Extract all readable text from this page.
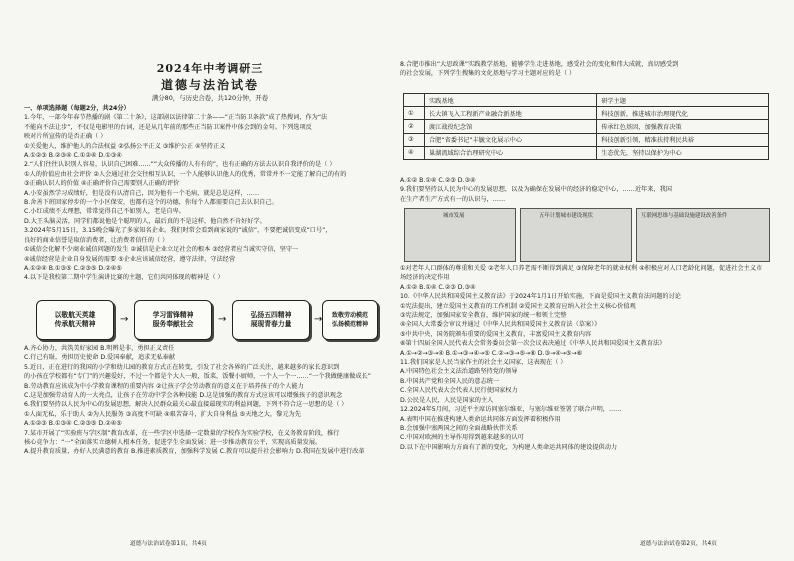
2024年中考调研三
道德与法治试卷
满分80，与历史合卷，共120分钟，开卷

一、单项选择题（每题2分，共24分）

1.今年，一部今年春节热播的剧《第二十条》，这部剧以法律第二十条——“正当防卫条款”成了热搜词，作为“法

不能向不法让步”，不仅是电影里的台词，还是从几年前的那些正当防卫案件中体会到的金句。下列选项反

映对片所宣传的是否正确（ ）

①关爱他人，维护他人的合法权益 ②弘扬公平正义 ③维护公正 ④坚持正义

A.①②③ B.②③④ C.①②④ D.①③④

2.“人们往往认识别人容易，认识自己困难……”“大众传播的人有有的”，也有正确的方法去认识自我评价的是（ ）

①人的价值应由社会评价 ②人会通过社会交往相互认识，一个人能够认识他人的优秀，常常并不一定能了解自己的有的

③正确认识人的价值 ④正确评价自己需要别人正确的评价

A.小安虽然学习成绩好，但是没有认清自己，因为他有一个毛病，就是总是这样，……

B.舍善下班回家停步的一个小区保安，也都有这个的功德，你每个人都需要自己去认识自己。

C.小红成绩不太理想，常常觉得自己不如别人，老是自卑。

D.大王头脑灵活，同学们都说他是个聪明的人，最后真的不是这样，他自然不肯好好学。

3.2024年5月15日，3.15晚会曝光了多家知名企业。我们时常会看到商家说的“诚信”，不要把诚信变成“口号”，

良好的商业信誉是取信消费者，让消费者信任的（ ）

①诚信会化解不少商业诚信问题的发生 ②诚信是企业立足社会的根本 ③经营者应当诚实守信，坚守一

④诚信经营是企业自身发展的需要 ⑤企业应该诚信经营，遵守法律，守法经营

A.①②④ B.①③⑤ C.②③⑤ D.②④⑤

4.以下是我校第二期中学生演讲比赛的主题，它们共同体现的精神是（ ）

以敬航天英雄
传承航天精神	→	学习雷锋精神
服务奉献社会	→	弘扬五四精神
展现青春力量	→	致敬劳动模范
弘扬模范精神

A.齐心协力，共筑美好家园 B.明辨是非，勇担正义责任

C.行己有耻，勇担历史使命 D.爱国奉献，追求无私奉献

5.近日，正在进行的我国的小学和幼儿园的教育方式正在转变，引发了社会各界的广泛关注，越来越多的家长意识到

的小孩在学校都有“专门”的兴趣爱好，不过一个都是个大人一般，饭菜，饭餐小厨师，一个人一个一……“一个我做健康做成长”

B.劳动教育应该成为中小学教育课程的重要内容 ②让孩子学会劳动教育的意义在于培养孩子的个人能力

C.这是加强劳动育人的一大亮点，让孩子在劳动中学会各种技能 D.这是加强的教育方式应该可以增强孩子的意识观念

6.我们要坚持以人民为中心的发展思想，解决人民群众最关心最直接最现实的利益问题，下列不符合这一思想的是（ ）

①人面无私，乐于助人 ②为人民服务 ③高度不可缺 ④艰苦奋斗，扩大自身利益 ⑤天地之大，黎元为先

A.①②③ B.①③④ C.②③⑤ D.②④⑤

7.某市开展了“实验班与学区制”教育改革，在一些学区中选择一定数量的学校作为实验学校，在义务教育阶段，推行

核心竞争力：“一”全面落实立德树人根本任务，促进学生全面发展；进一步推动教育公平，实现高质量发展。

A.提升教育质量，办好人民满意的教育 B.推进素质教育，加强科学发展 C.教育可以提升社会影响力 D.我国在发展中进行改革

道德与法治试卷第1页，共4页

8.合肥市推出“大思政课”实践教学基地，能够学生走进基地，感受社会的变化和伟大成就，真切感受到

的社会发展，下列学生搜集的文化基地与学习主题对应的是（ ）

	实践基地	研学主题
①	长大镇飞入工程新产业融合新基地	科技创新，推进城市治理现代化
②	渡江战役纪念馆	传承红色基因，加强教育决策
③	合肥“省委书记”丰毓文化展示中心	科技创新引领，精准扶持利民共裕
④	巢湖流域综合治理研究中心	生态优先，坚持以保护为中心

A.①② B.①④ C.②③ D.③④

9.我们要坚持以人民为中心的发展思想，以及为确保在发展中的经济的稳定中心，……近年来，我国

在生产者生产方式有一的认识与，……

城市发展	五年计划城市建设现状	互联网思维与基础设施建设改善条件

①对老年人口群体的尊重和关爱 ②老年人口养老需不断得到满足 ③保障老年的就业权利 ④积极应对人口老龄化问题，促进社会主义市

场经济的决定作用

A.①② B.①④ C.②③ D.③④

10.《中华人民共和国爱国主义教育法》于2024年1月1日开始实施，下面是爱国主义教育法问题的讨论

①宪法提出，建立爱国主义教育的工作机制 ②爱国主义教育应纳入社会主义核心价值观

③宪法规定，加强国家安全教育，维护国家的统一和领土完整

④全国人大常委会审议并通过《中华人民共和国爱国主义教育法（草案）》

⑤中共中央，国务院颁布重要的爱国主义教育，丰富爱国主义教育内容

⑥第十四届全国人民代表大会常务委员会第一次会议表决通过《中华人民共和国爱国主义教育法》

A.①→②→③→④ B.①→③→④→⑤ C.②→③→⑤→⑥ D.③→④→⑤→⑥

11.我们国家是人民当家作主的社会主义国家，这表现在（ ）

A.中国特色社会主义法治道路坚持党的领导

B.中国共产党和全国人民的意志统一

C.全国人民代表大会代表人民行使国家权力

D.公民是人民，人民是国家的主人

12.2024年5月间，习近平主席访问塞尔维亚，与塞尔维亚签署了联合声明，……

A.表明中国在推进构建人类命运共同体方面发挥着积极作用

B.会加强中塞两国之间的全面战略伙伴关系

C.中国对欧洲的主导作用得到越来越多的认可

D.以下在中国影响力方面有了新的变化，为构建人类命运共同体的建设提供动力

道德与法治试卷第2页，共4页
